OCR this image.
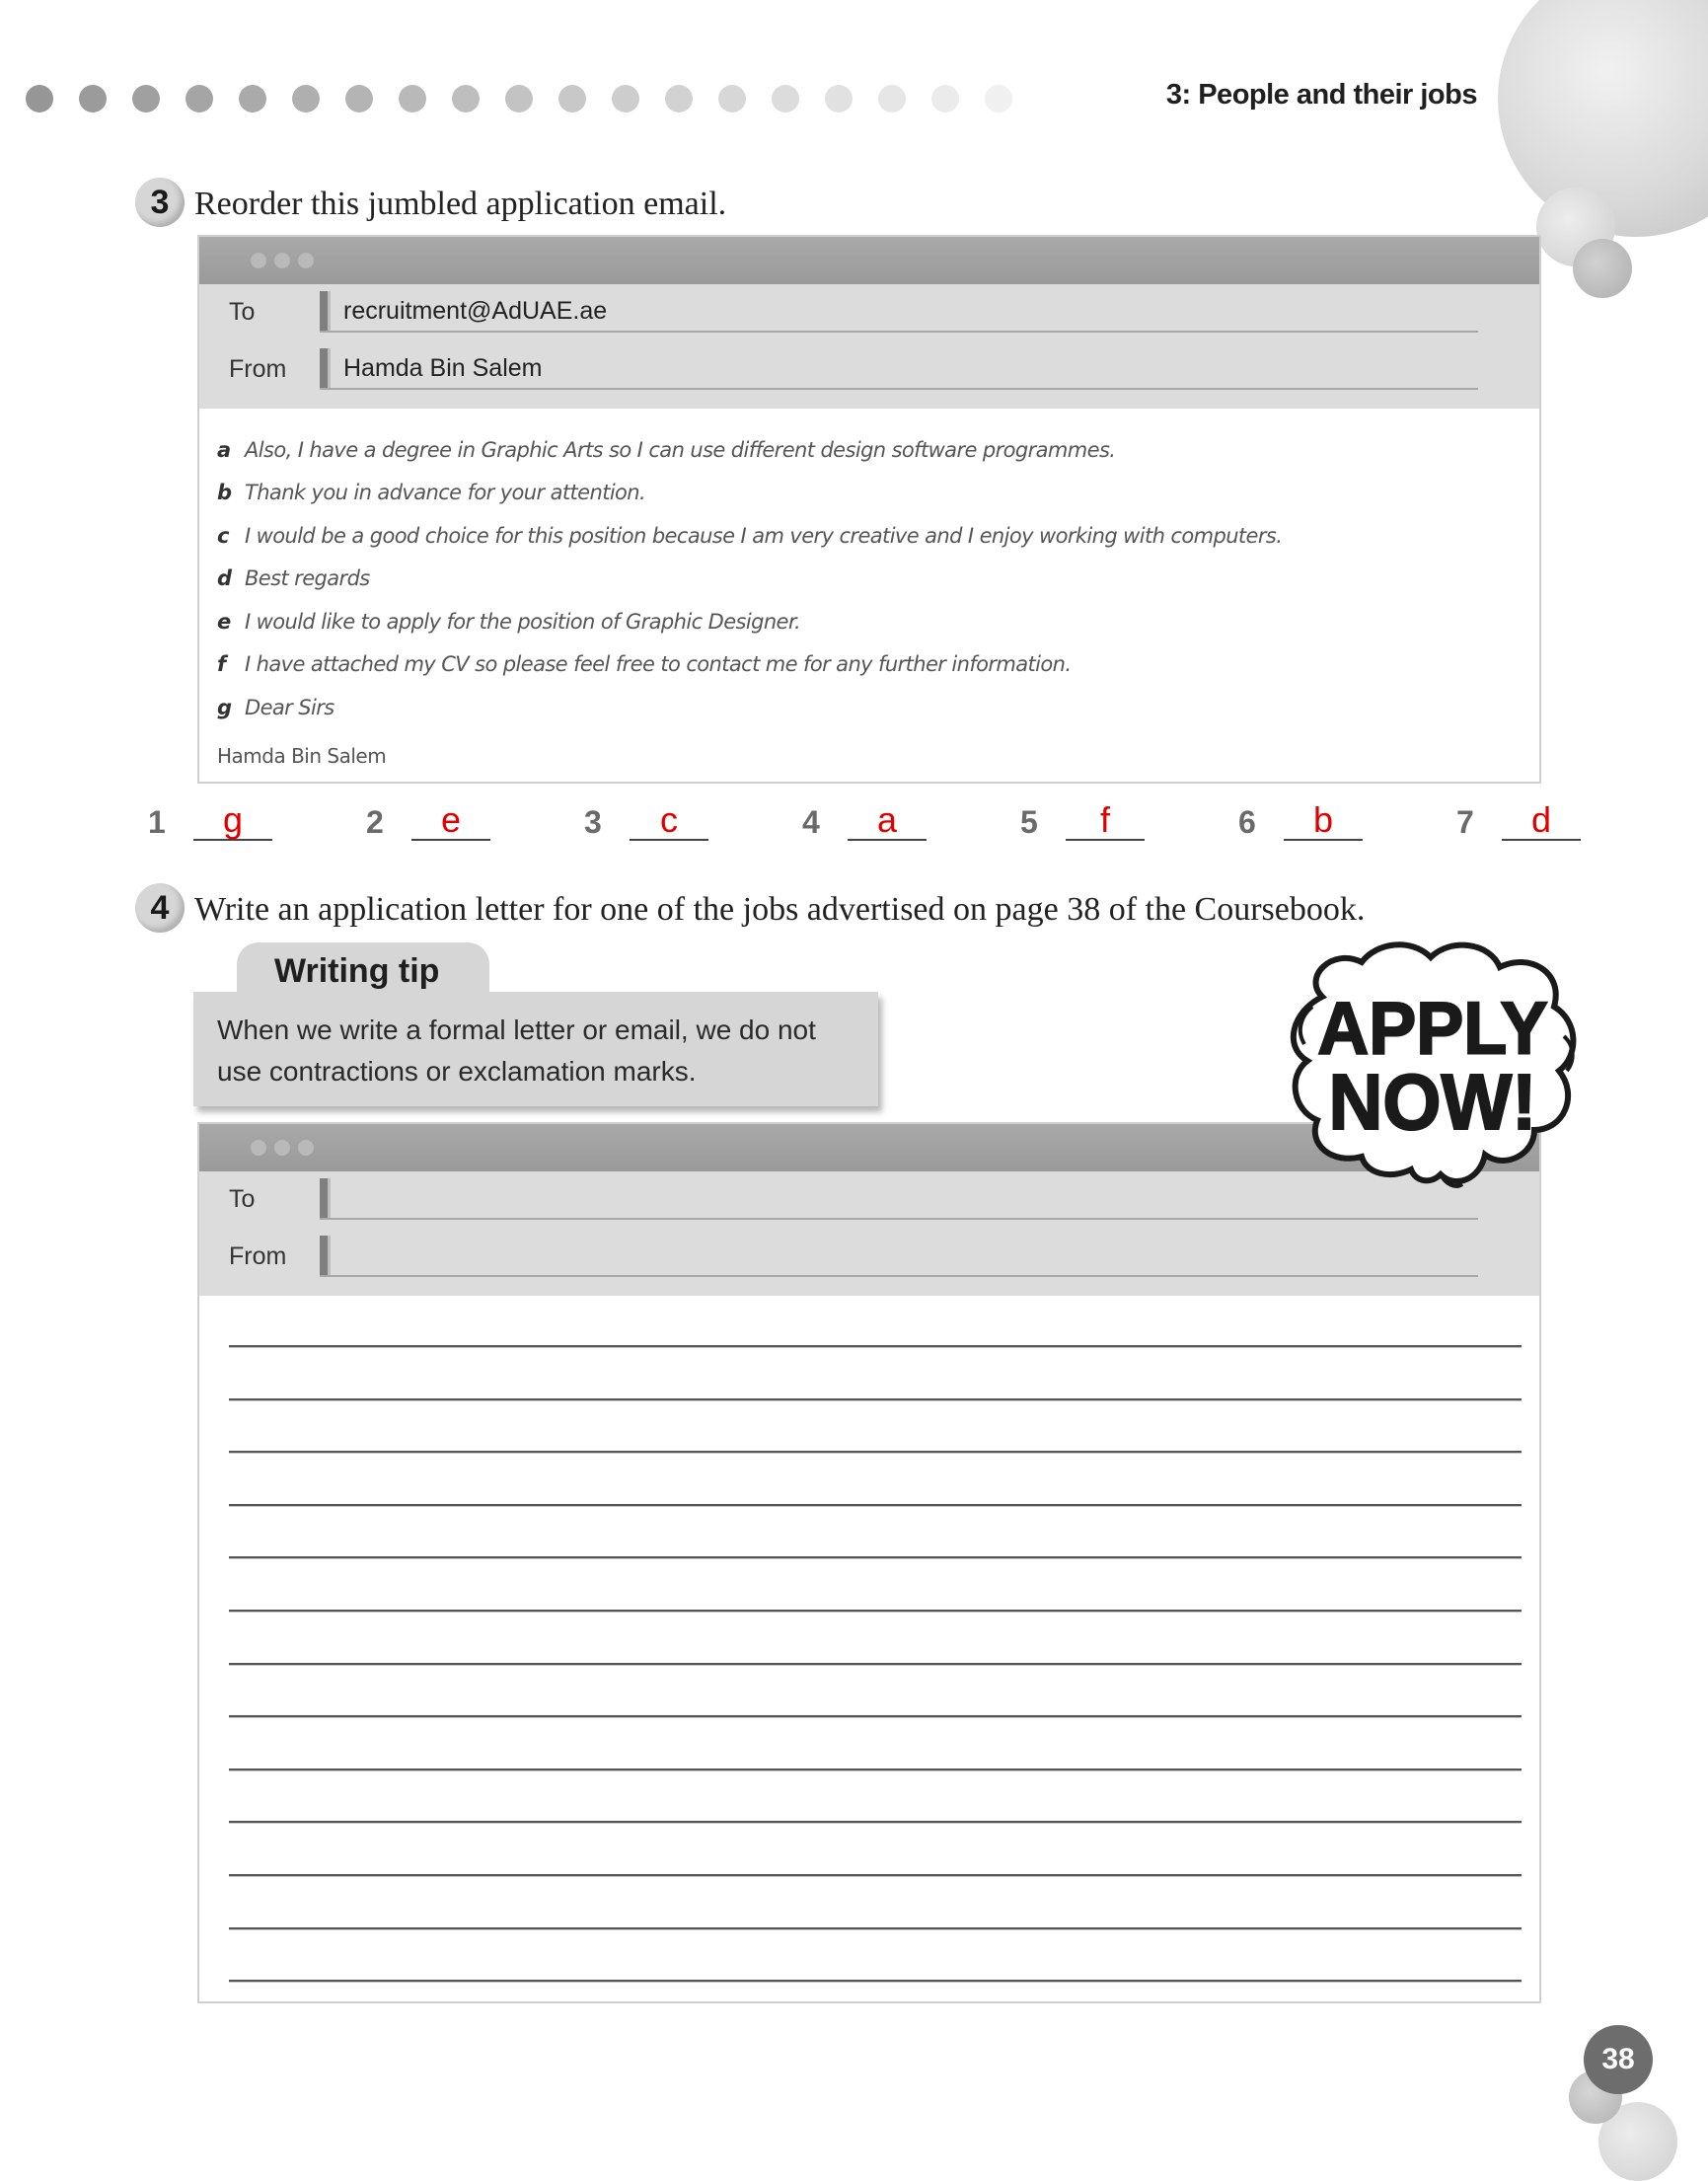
3: People and their jobs
3 Reorder this jumbled application email.
To	recruitment@AdUAE.ae
From	Hamda Bin Salem
a Also, I have a degree in Graphic Arts so I can use different design software programmes.
b Thank you in advance for your attention.
c I would be a good choice for this position because I am very creative and I enjoy working with computers.
d Best regards
e I would like to apply for the position of Graphic Designer.
f I have attached my CV so please feel free to contact me for any further information.
g Dear Sirs
Hamda Bin Salem
1	g	2	e	3	c	4	a	5	f	6	b	7	d
4 Write an application letter for one of the jobs advertised on page 38 of the Coursebook.
When we write a formal letter or email, we do not use contractions or exclamation marks.
Writing tip
To
From
APPLY
NOW!
38
